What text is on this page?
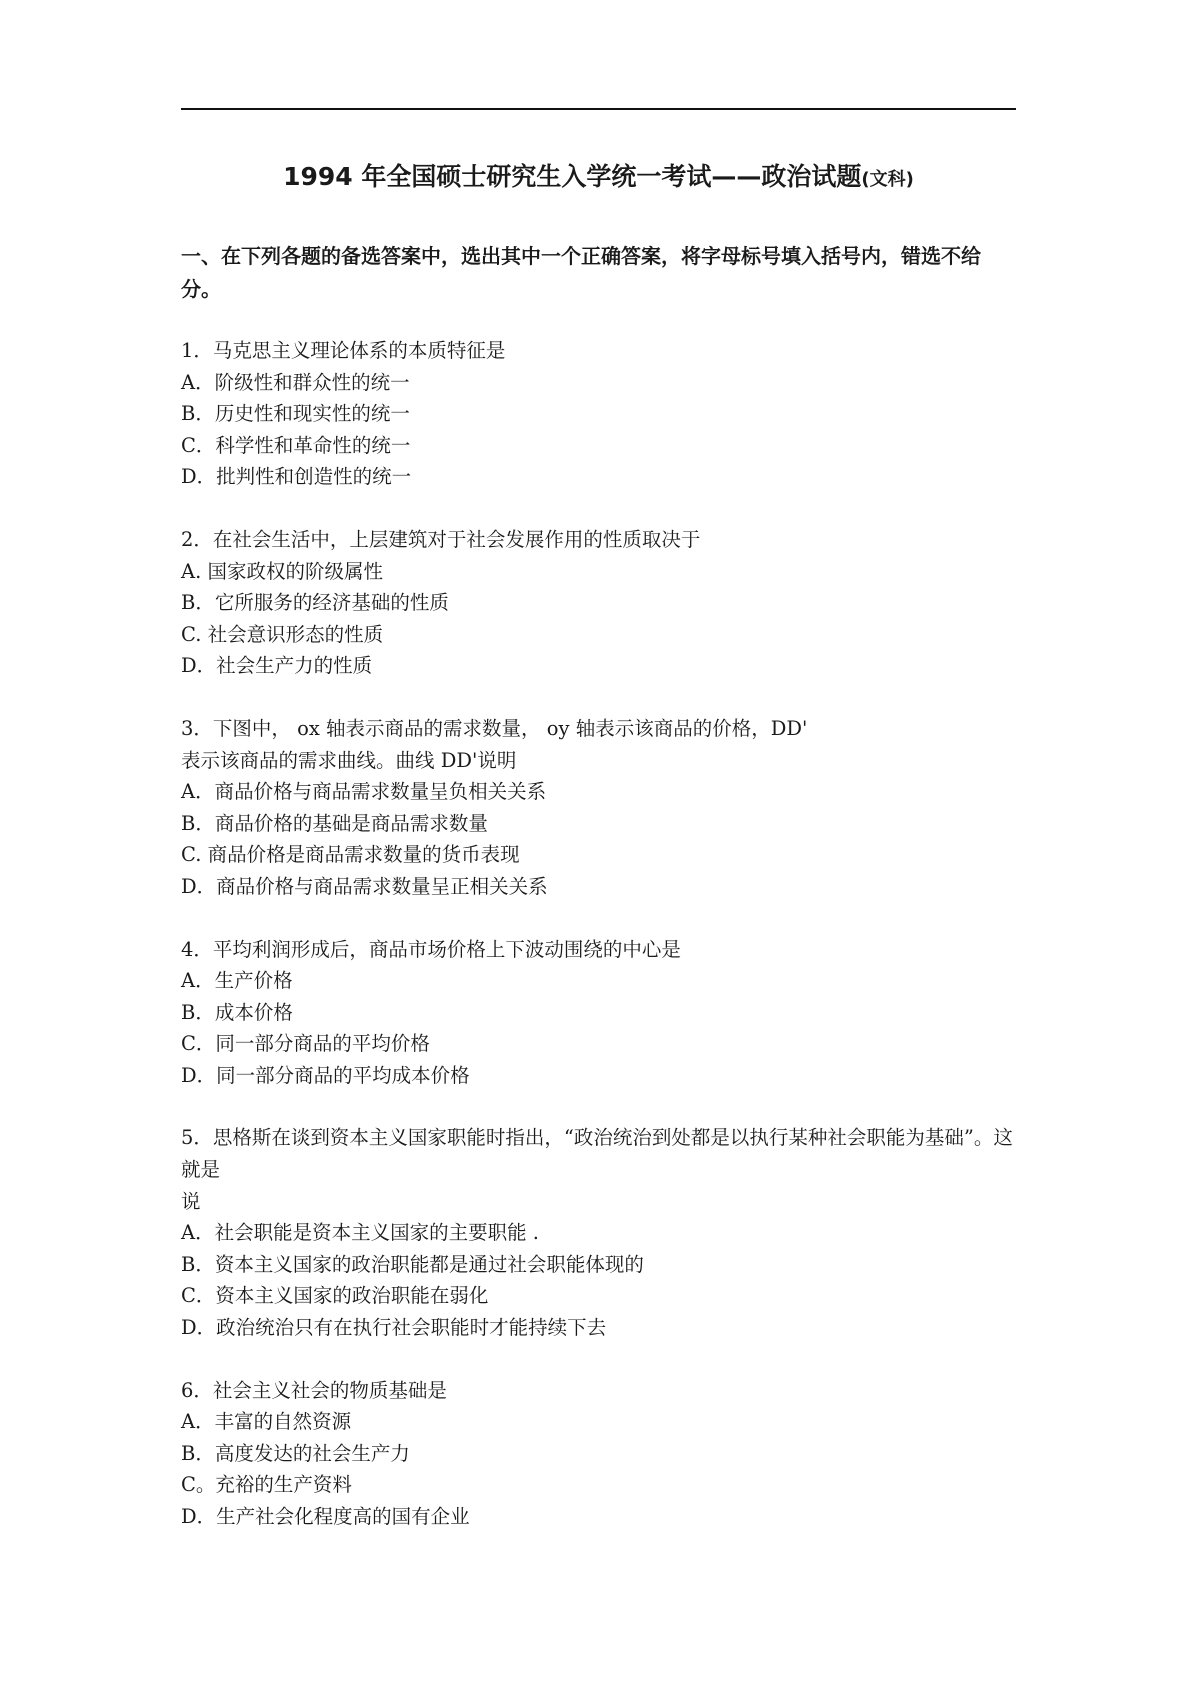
1994 年全国硕士研究生入学统一考试——政治试题(文科)
一、在下列各题的备选答案中，选出其中一个正确答案，将字母标号填入括号内，错选不给分。
1．马克思主义理论体系的本质特征是
A．阶级性和群众性的统一
B．历史性和现实性的统一
C．科学性和革命性的统一
D．批判性和创造性的统一
2．在社会生活中，上层建筑对于社会发展作用的性质取决于
A. 国家政权的阶级属性
B．它所服务的经济基础的性质
C. 社会意识形态的性质
D．社会生产力的性质
3．下图中， ox 轴表示商品的需求数量， oy 轴表示该商品的价格，DD'
表示该商品的需求曲线。曲线 DD'说明
A．商品价格与商品需求数量呈负相关关系
B．商品价格的基础是商品需求数量
C. 商品价格是商品需求数量的货币表现
D．商品价格与商品需求数量呈正相关关系
4．平均利润形成后，商品市场价格上下波动围绕的中心是
A．生产价格
B．成本价格
C．同一部分商品的平均价格
D．同一部分商品的平均成本价格
5．思格斯在谈到资本主义国家职能时指出，“政治统治到处都是以执行某种社会职能为基础”。这就是
说
A．社会职能是资本主义国家的主要职能 .
B．资本主义国家的政治职能都是通过社会职能体现的
C．资本主义国家的政治职能在弱化
D．政治统治只有在执行社会职能时才能持续下去
6．社会主义社会的物质基础是
A．丰富的自然资源
B．高度发达的社会生产力
C。充裕的生产资料
D．生产社会化程度高的国有企业
